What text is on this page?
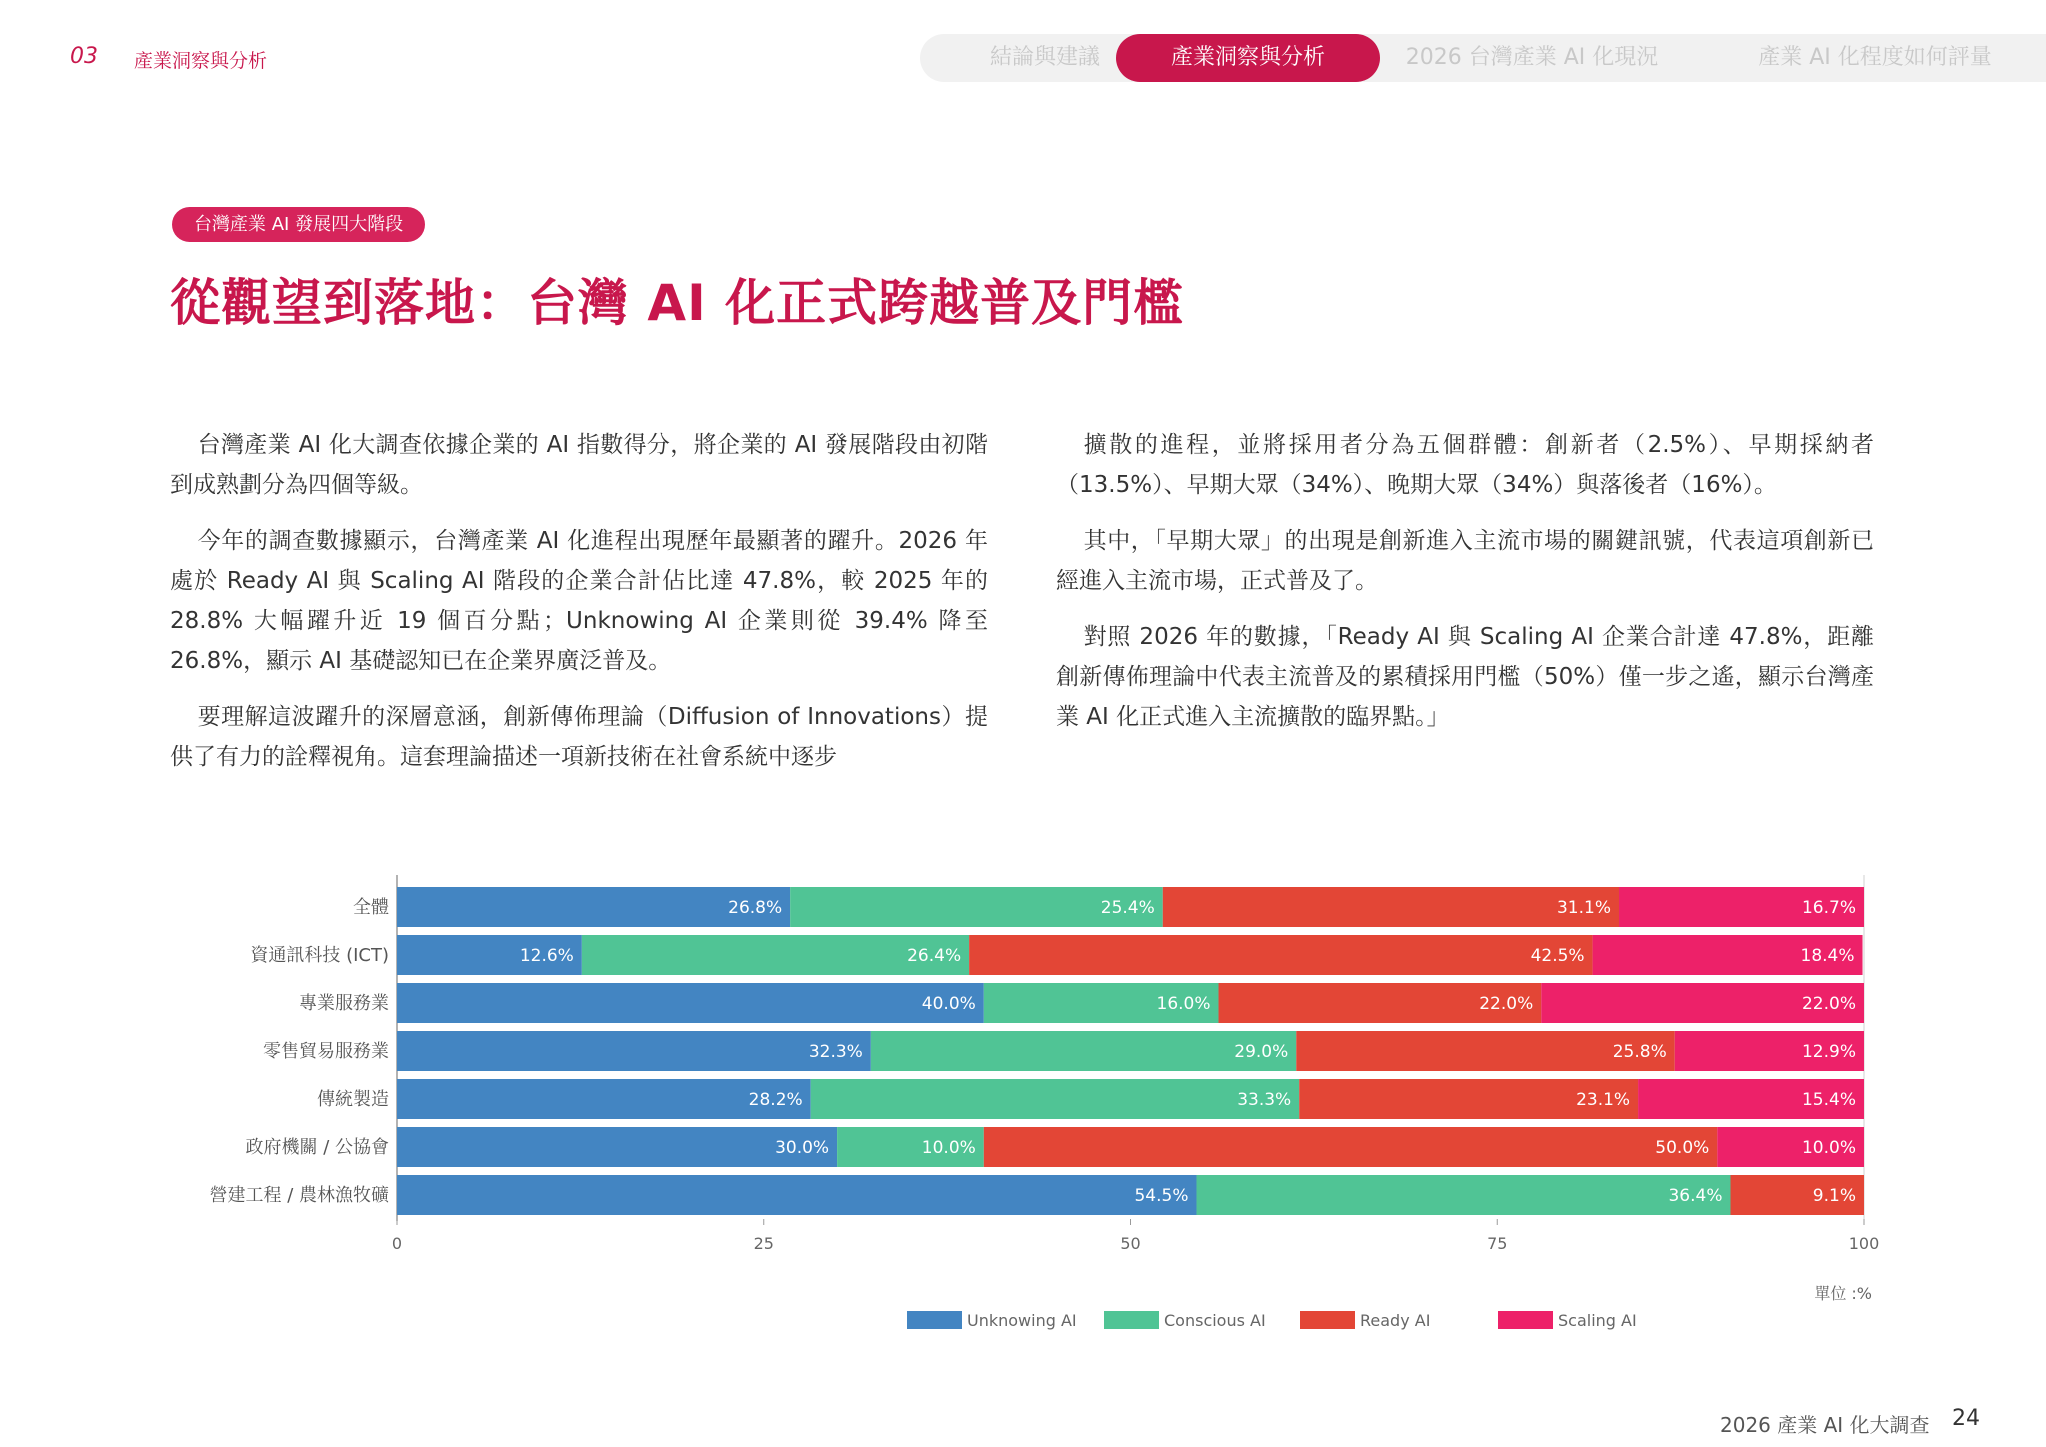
03 產業洞察與分析	結論與建議	產業洞察與分析	2026 台灣產業 AI 化現況	產業 AI 化程度如何評量
台灣產業 AI 發展四大階段
從觀望到落地：台灣 AI 化正式跨越普及門檻

台灣產業 AI 化大調查依據企業的 AI 指數得分，將企業的 AI 發展階段由初階到成熟劃分為四個等級。

今年的調查數據顯示，台灣產業 AI 化進程出現歷年最顯著的躍升。2026 年處於 Ready AI 與 Scaling AI 階段的企業合計佔比達 47.8%，較 2025 年的 28.8% 大幅躍升近 19 個百分點；Unknowing AI 企業則從 39.4% 降至 26.8%，顯示 AI 基礎認知已在企業界廣泛普及。

要理解這波躍升的深層意涵，創新傳佈理論（Diffusion of Innovations）提供了有力的詮釋視角。這套理論描述一項新技術在社會系統中逐步

擴散的進程，並將採用者分為五個群體：創新者（2.5%）、早期採納者（13.5%）、早期大眾（34%）、晚期大眾（34%）與落後者（16%）。

其中，「早期大眾」的出現是創新進入主流市場的關鍵訊號，代表這項創新已經進入主流市場，正式普及了。

對照 2026 年的數據，「Ready AI 與 Scaling AI 企業合計達 47.8%，距離創新傳佈理論中代表主流普及的累積採用門檻（50%）僅一步之遙，顯示台灣產業 AI 化正式進入主流擴散的臨界點。」

全體	26.8%	25.4%	31.1%	16.7%
資通訊科技 (ICT)	12.6%	26.4%	42.5%	18.4%
專業服務業	40.0%	16.0%	22.0%	22.0%
零售貿易服務業	32.3%	29.0%	25.8%	12.9%
傳統製造	28.2%	33.3%	23.1%	15.4%
政府機關 / 公協會	30.0%	10.0%	50.0%	10.0%
營建工程 / 農林漁牧礦	54.5%	36.4%	9.1%
0	25	50	75	100
單位 :%
Unknowing AI	Conscious AI	Ready AI	Scaling AI
2026 產業 AI 化大調查 24
